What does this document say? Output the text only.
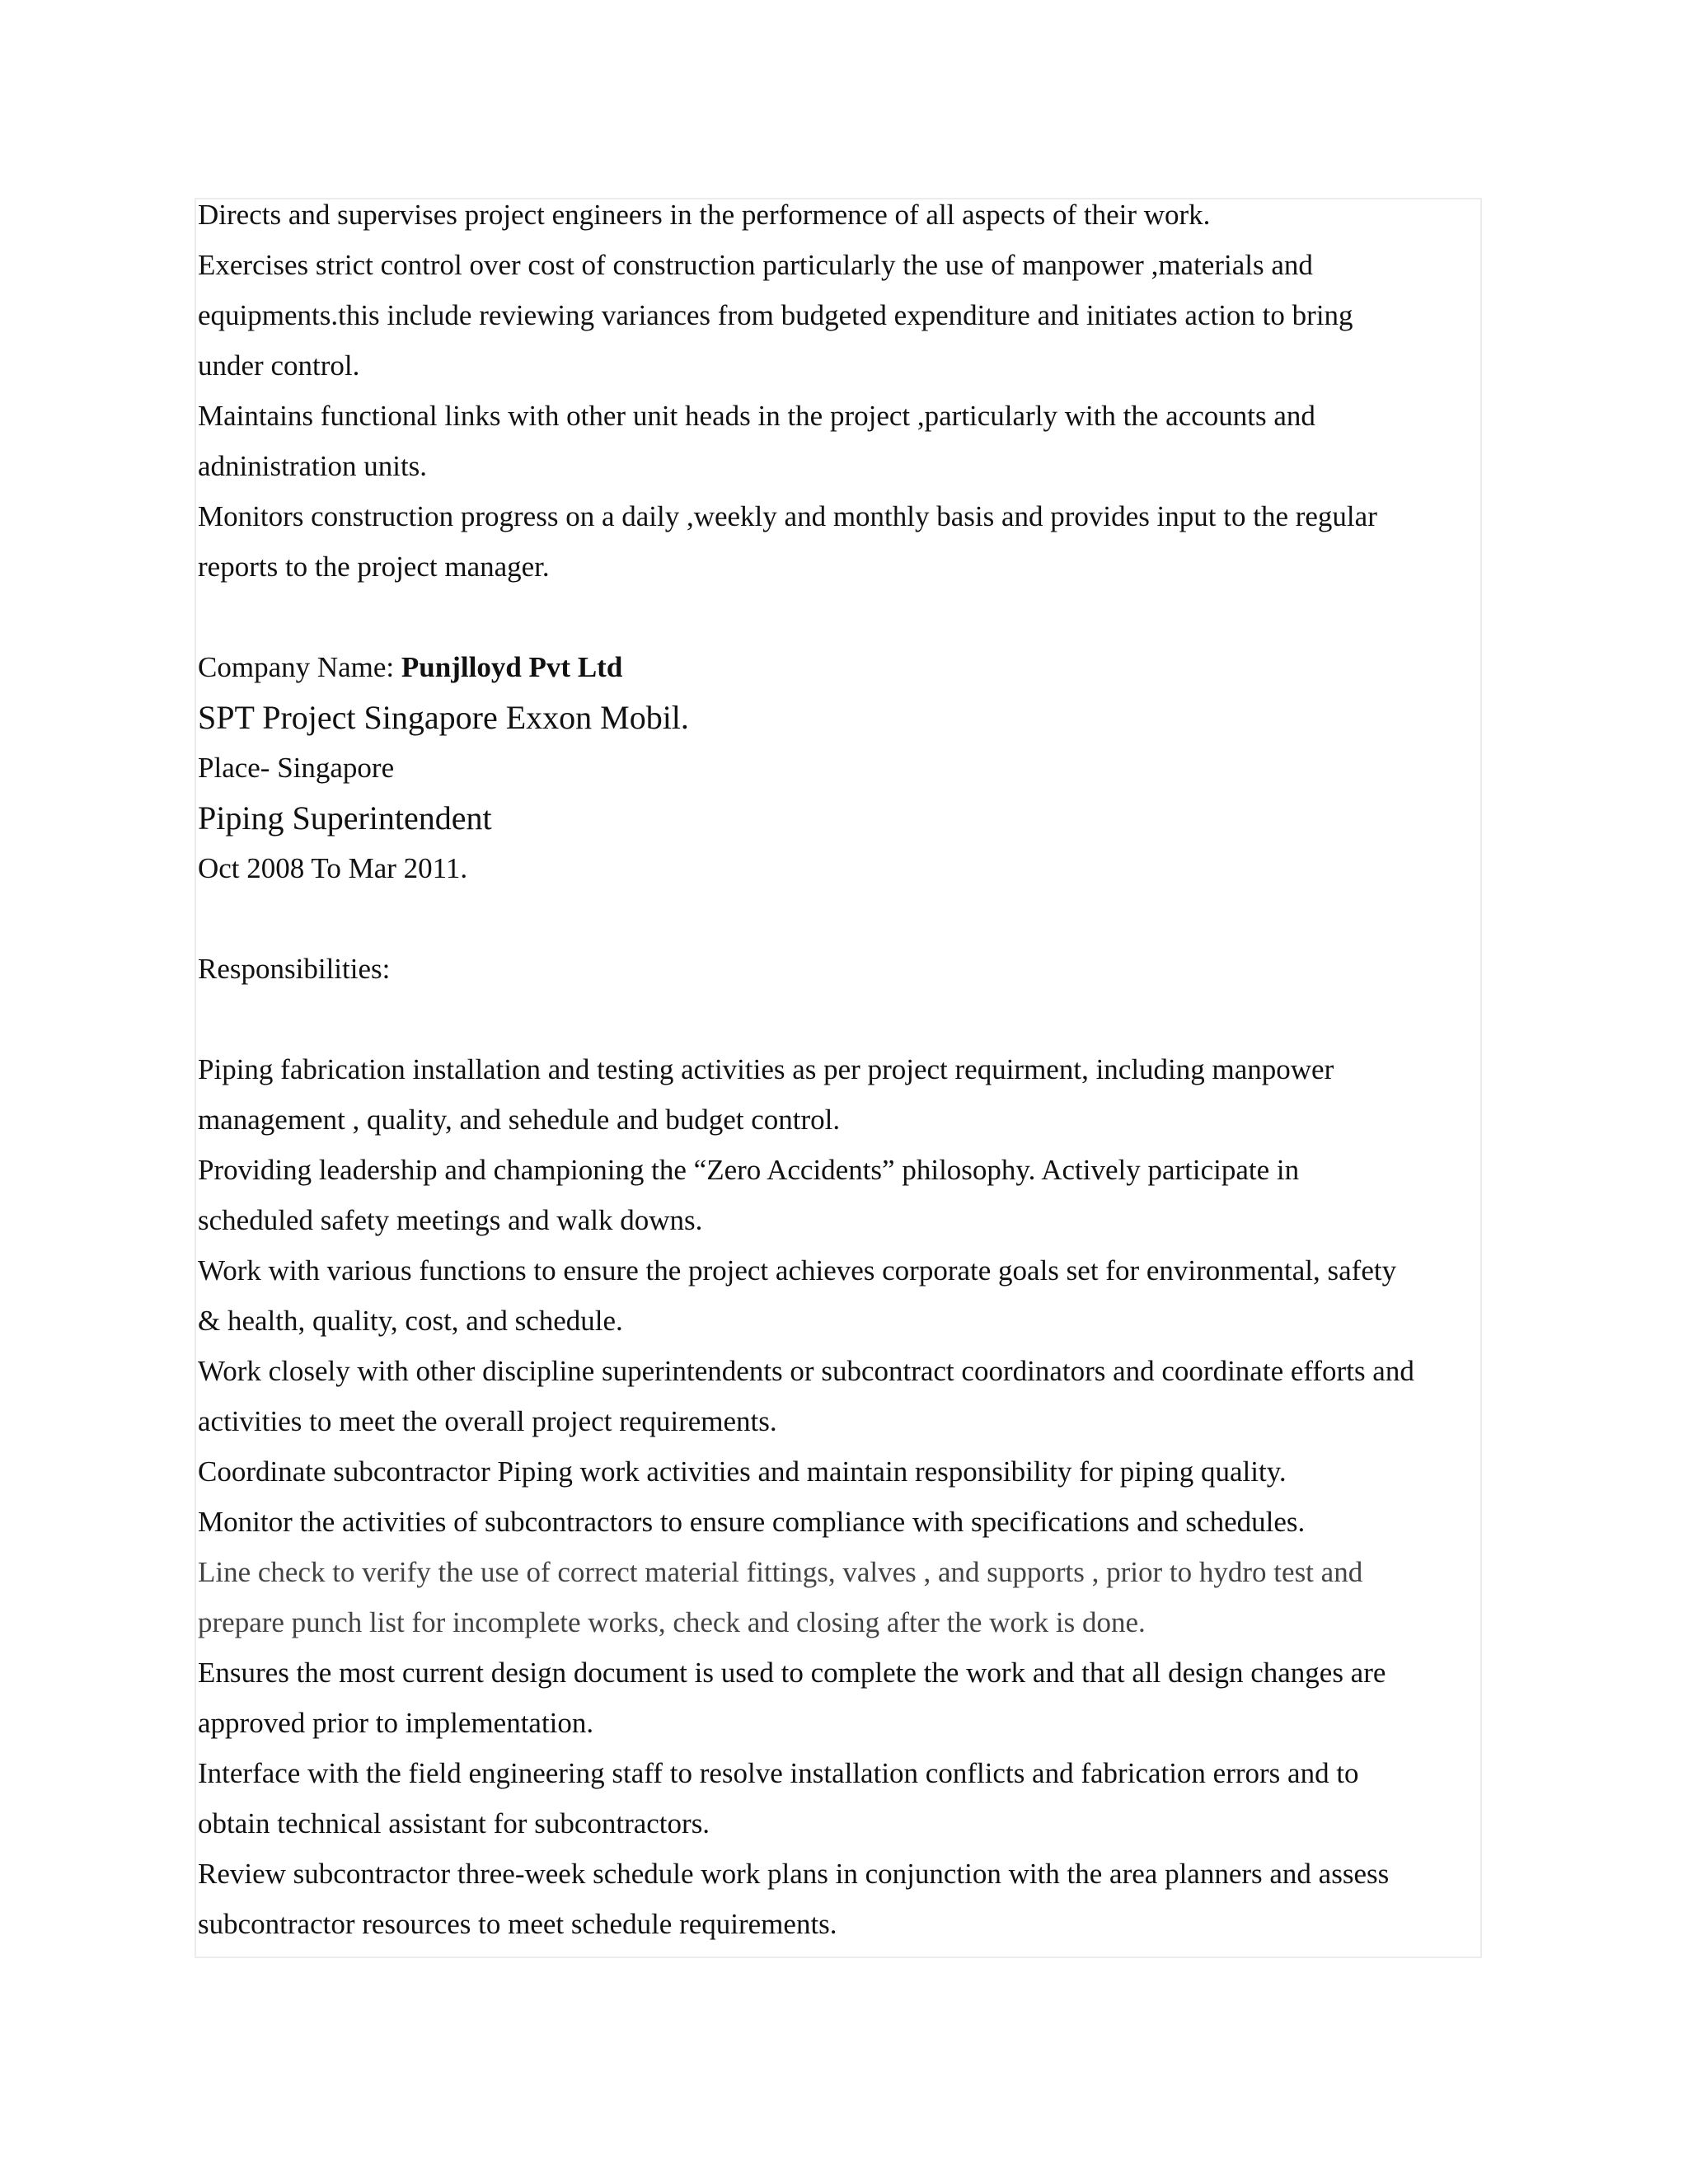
Directs and supervises project engineers in the performence of all aspects of their work.
Exercises strict control over cost of construction particularly the use of manpower ,materials and
equipments.this include reviewing variances from budgeted expenditure and initiates action to bring
under control.
Maintains functional links with other unit heads in the project ,particularly with the accounts and
adninistration units.
Monitors construction progress on a daily ,weekly and monthly basis and provides input to the regular
reports to the project manager.
Company Name: Punjlloyd Pvt Ltd
SPT Project Singapore Exxon Mobil.
Place- Singapore
Piping Superintendent
Oct 2008 To Mar 2011.
Responsibilities:
Piping fabrication installation and testing activities as per project requirment, including manpower
management , quality, and sehedule and budget control.
Providing leadership and championing the “Zero Accidents” philosophy. Actively participate in
scheduled safety meetings and walk downs.
Work with various functions to ensure the project achieves corporate goals set for environmental, safety
& health, quality, cost, and schedule.
Work closely with other discipline superintendents or subcontract coordinators and coordinate efforts and
activities to meet the overall project requirements.
Coordinate subcontractor Piping work activities and maintain responsibility for piping quality.
Monitor the activities of subcontractors to ensure compliance with specifications and schedules.
Line check to verify the use of correct material fittings, valves , and supports , prior to hydro test and
prepare punch list for incomplete works, check and closing after the work is done.
Ensures the most current design document is used to complete the work and that all design changes are
approved prior to implementation.
Interface with the field engineering staff to resolve installation conflicts and fabrication errors and to
obtain technical assistant for subcontractors.
Review subcontractor three-week schedule work plans in conjunction with the area planners and assess
subcontractor resources to meet schedule requirements.
